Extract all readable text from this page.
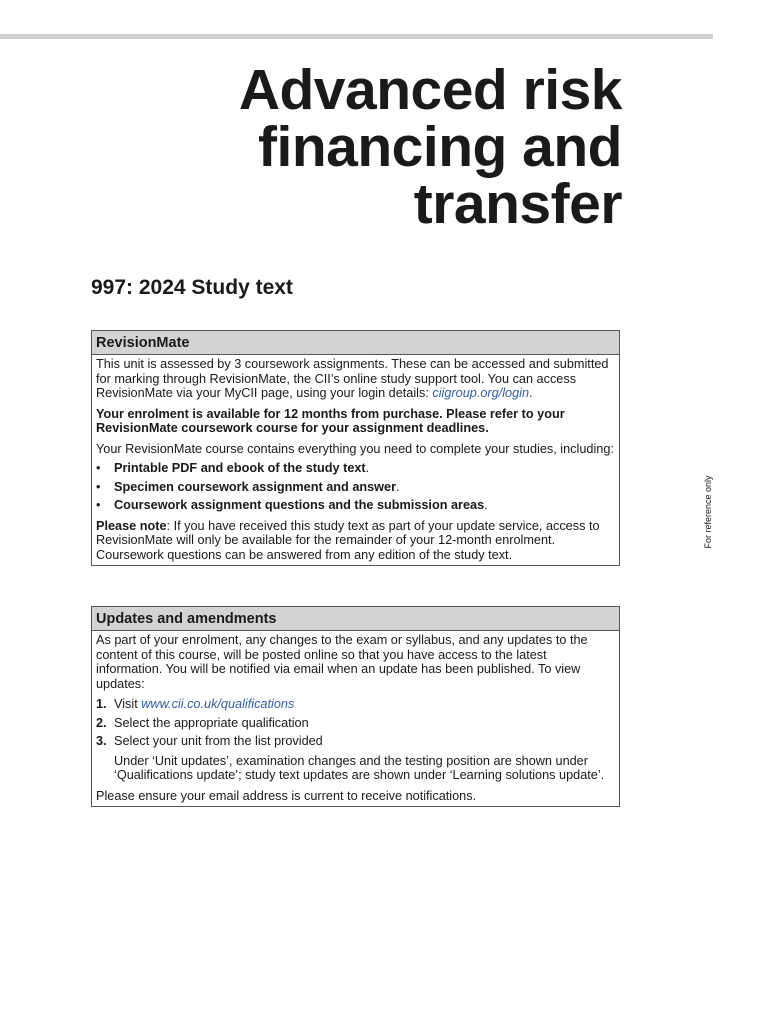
Advanced risk
financing and
transfer
997: 2024 Study text
RevisionMate

This unit is assessed by 3 coursework assignments. These can be accessed and submitted for marking through RevisionMate, the CII’s online study support tool. You can access RevisionMate via your MyCII page, using your login details: ciigroup.org/login.

Your enrolment is available for 12 months from purchase. Please refer to your RevisionMate coursework course for your assignment deadlines.

Your RevisionMate course contains everything you need to complete your studies, including:

• Printable PDF and ebook of the study text.
• Specimen coursework assignment and answer.
• Coursework assignment questions and the submission areas.

Please note: If you have received this study text as part of your update service, access to RevisionMate will only be available for the remainder of your 12-month enrolment. Coursework questions can be answered from any edition of the study text.

Updates and amendments

As part of your enrolment, any changes to the exam or syllabus, and any updates to the content of this course, will be posted online so that you have access to the latest information. You will be notified via email when an update has been published. To view updates:

1. Visit www.cii.co.uk/qualifications
2. Select the appropriate qualification
3. Select your unit from the list provided

Under ‘Unit updates’, examination changes and the testing position are shown under ‘Qualifications update’; study text updates are shown under ‘Learning solutions update’.

Please ensure your email address is current to receive notifications.

For reference only
